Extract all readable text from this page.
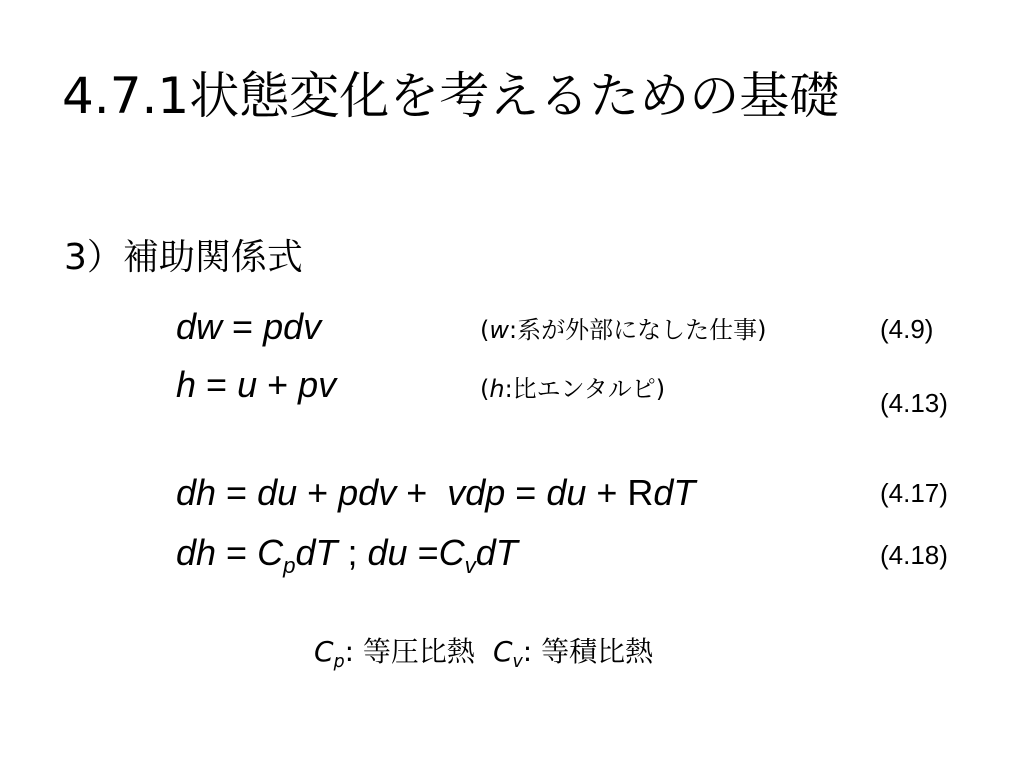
4.7.1状態変化を考えるための基礎
3）補助関係式
dw = pdv	(w:系が外部になした仕事)	(4.9)
h = u + pv	(h:比エンタルピ)	(4.13)
dh = du + pdv +  vdp = du + RdT	(4.17)
dh = $C_pdT$ ; du $=C_vdT$	(4.18)
$C_p$: 等圧比熱 $C_v$: 等積比熱
